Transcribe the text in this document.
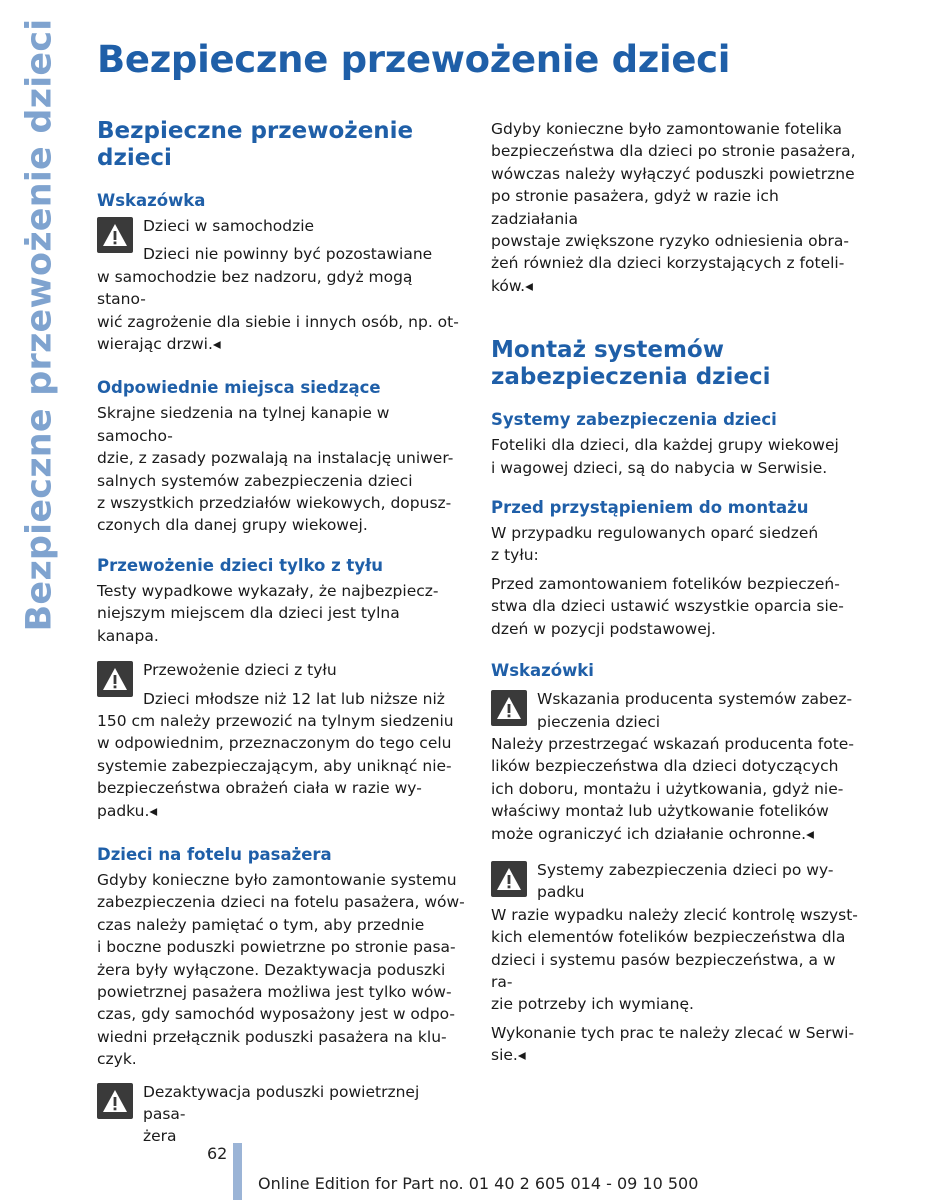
Bezpieczne przewożenie dzieci Bezpieczne przewożenie dzieci
Bezpieczne przewożenie
dzieci
Wskazówka
Dzieci w samochodzie
Dzieci nie powinny być pozostawiane
w samochodzie bez nadzoru, gdyż mogą stano-
wić zagrożenie dla siebie i innych osób, np. ot-
wierając drzwi.◂
Odpowiednie miejsca siedzące
Skrajne siedzenia na tylnej kanapie w samocho-
dzie, z zasady pozwalają na instalację uniwer-
salnych systemów zabezpieczenia dzieci
z wszystkich przedziałów wiekowych, dopusz-
czonych dla danej grupy wiekowej.
Przewożenie dzieci tylko z tyłu
Testy wypadkowe wykazały, że najbezpiecz-
niejszym miejscem dla dzieci jest tylna kanapa.
Przewożenie dzieci z tyłu
Dzieci młodsze niż 12 lat lub niższe niż
150 cm należy przewozić na tylnym siedzeniu
w odpowiednim, przeznaczonym do tego celu
systemie zabezpieczającym, aby uniknąć nie-
bezpieczeństwa obrażeń ciała w razie wy-
padku.◂
Dzieci na fotelu pasażera
Gdyby konieczne było zamontowanie systemu
zabezpieczenia dzieci na fotelu pasażera, wów-
czas należy pamiętać o tym, aby przednie
i boczne poduszki powietrzne po stronie pasa-
żera były wyłączone. Dezaktywacja poduszki
powietrznej pasażera możliwa jest tylko wów-
czas, gdy samochód wyposażony jest w odpo-
wiedni przełącznik poduszki pasażera na klu-
czyk.
Dezaktywacja poduszki powietrznej pasa-
żera
Gdyby konieczne było zamontowanie fotelika
bezpieczeństwa dla dzieci po stronie pasażera,
wówczas należy wyłączyć poduszki powietrzne
po stronie pasażera, gdyż w razie ich zadziałania
powstaje zwiększone ryzyko odniesienia obra-
żeń również dla dzieci korzystających z foteli-
ków.◂
Montaż systemów
zabezpieczenia dzieci
Systemy zabezpieczenia dzieci
Foteliki dla dzieci, dla każdej grupy wiekowej
i wagowej dzieci, są do nabycia w Serwisie.
Przed przystąpieniem do montażu
W przypadku regulowanych oparć siedzeń
z tyłu:
Przed zamontowaniem fotelików bezpieczeń-
stwa dla dzieci ustawić wszystkie oparcia sie-
dzeń w pozycji podstawowej.
Wskazówki
Wskazania producenta systemów zabez-
pieczenia dzieci
Należy przestrzegać wskazań producenta fote-
lików bezpieczeństwa dla dzieci dotyczących
ich doboru, montażu i użytkowania, gdyż nie-
właściwy montaż lub użytkowanie fotelików
może ograniczyć ich działanie ochronne.◂
Systemy zabezpieczenia dzieci po wy-
padku
W razie wypadku należy zlecić kontrolę wszyst-
kich elementów fotelików bezpieczeństwa dla
dzieci i systemu pasów bezpieczeństwa, a w ra-
zie potrzeby ich wymianę.
Wykonanie tych prac te należy zlecać w Serwi-
sie.◂
62
Online Edition for Part no. 01 40 2 605 014 - 09 10 500
